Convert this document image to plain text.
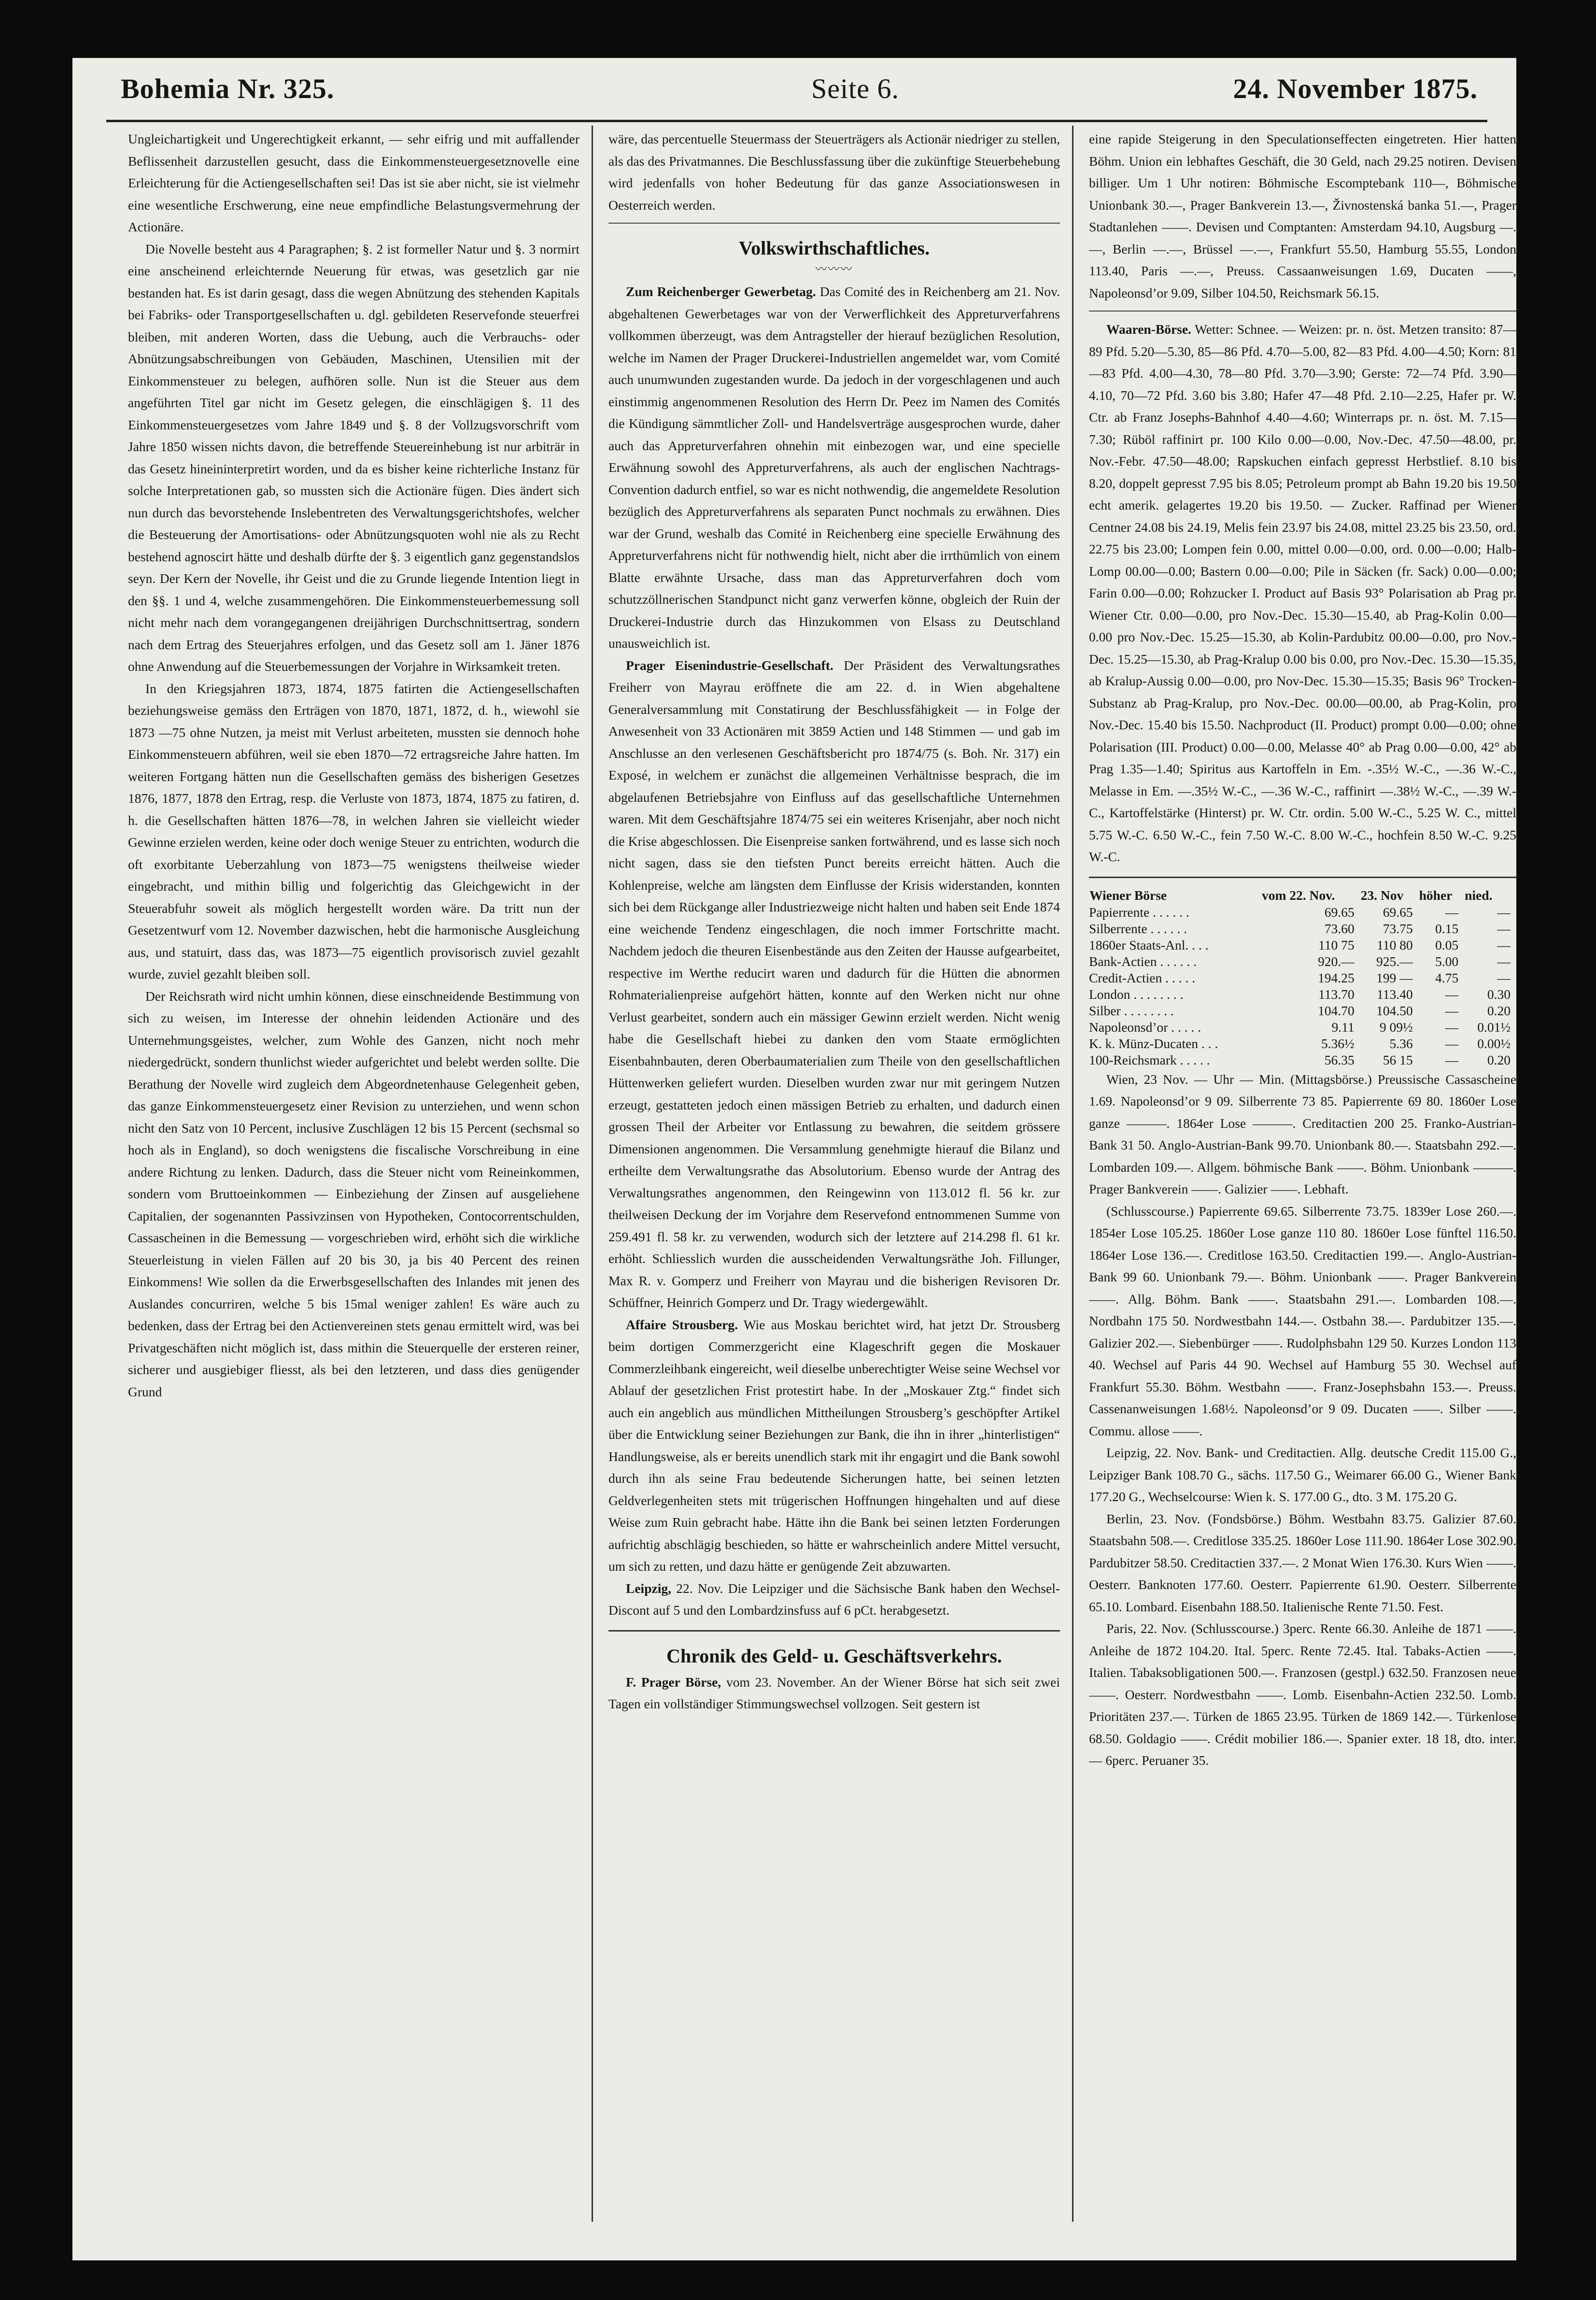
Bohemia Nr. 325.	Seite 6.	24. November 1875.

Ungleichartigkeit und Ungerechtigkeit erkannt, — sehr eifrig und mit auffallender Beflissenheit darzustellen gesucht, dass die Einkommensteuergesetznovelle eine Erleichterung für die Actiengesellschaften sei! Das ist sie aber nicht, sie ist vielmehr eine wesentliche Erschwerung, eine neue empfindliche Belastungsvermehrung der Actionäre.

Die Novelle besteht aus 4 Paragraphen; §. 2 ist formeller Natur und §. 3 normirt eine anscheinend erleichternde Neuerung für etwas, was gesetzlich gar nie bestanden hat. Es ist darin gesagt, dass die wegen Abnützung des stehenden Kapitals bei Fabriks- oder Transportgesellschaften u. dgl. gebildeten Reservefonde steuerfrei bleiben, mit anderen Worten, dass die Uebung, auch die Verbrauchs- oder Abnützungsabschreibungen von Gebäuden, Maschinen, Utensilien mit der Einkommensteuer zu belegen, aufhören solle. Nun ist die Steuer aus dem angeführten Titel gar nicht im Gesetz gelegen, die einschlägigen §. 11 des Einkommensteuergesetzes vom Jahre 1849 und §. 8 der Vollzugsvorschrift vom Jahre 1850 wissen nichts davon, die betreffende Steuereinhebung ist nur arbiträr in das Gesetz hineininterpretirt worden, und da es bisher keine richterliche Instanz für solche Interpretationen gab, so mussten sich die Actionäre fügen. Dies ändert sich nun durch das bevorstehende Inslebentreten des Verwaltungsgerichtshofes, welcher die Besteuerung der Amortisations- oder Abnützungsquoten wohl nie als zu Recht bestehend agnoscirt hätte und deshalb dürfte der §. 3 eigentlich ganz gegenstandslos seyn. Der Kern der Novelle, ihr Geist und die zu Grunde liegende Intention liegt in den §§. 1 und 4, welche zusammengehören. Die Einkommensteuerbemessung soll nicht mehr nach dem vorangegangenen dreijährigen Durchschnittsertrag, sondern nach dem Ertrag des Steuerjahres erfolgen, und das Gesetz soll am 1. Jäner 1876 ohne Anwendung auf die Steuerbemessungen der Vorjahre in Wirksamkeit treten.

In den Kriegsjahren 1873, 1874, 1875 fatirten die Actiengesellschaften beziehungsweise gemäss den Erträgen von 1870, 1871, 1872, d. h., wiewohl sie 1873 —75 ohne Nutzen, ja meist mit Verlust arbeiteten, mussten sie dennoch hohe Einkommensteuern abführen, weil sie eben 1870—72 ertragsreiche Jahre hatten. Im weiteren Fortgang hätten nun die Gesellschaften gemäss des bisherigen Gesetzes 1876, 1877, 1878 den Ertrag, resp. die Verluste von 1873, 1874, 1875 zu fatiren, d. h. die Gesellschaften hätten 1876—78, in welchen Jahren sie vielleicht wieder Gewinne erzielen werden, keine oder doch wenige Steuer zu entrichten, wodurch die oft exorbitante Ueberzahlung von 1873—75 wenigstens theilweise wieder eingebracht, und mithin billig und folgerichtig das Gleichgewicht in der Steuerabfuhr soweit als möglich hergestellt worden wäre. Da tritt nun der Gesetzentwurf vom 12. November dazwischen, hebt die harmonische Ausgleichung aus, und statuirt, dass das, was 1873—75 eigentlich provisorisch zuviel gezahlt wurde, zuviel gezahlt bleiben soll.

Der Reichsrath wird nicht umhin können, diese einschneidende Bestimmung von sich zu weisen, im Interesse der ohnehin leidenden Actionäre und des Unternehmungsgeistes, welcher, zum Wohle des Ganzen, nicht noch mehr niedergedrückt, sondern thunlichst wieder aufgerichtet und belebt werden sollte. Die Berathung der Novelle wird zugleich dem Abgeordnetenhause Gelegenheit geben, das ganze Einkommensteuergesetz einer Revision zu unterziehen, und wenn schon nicht den Satz von 10 Percent, inclusive Zuschlägen 12 bis 15 Percent (sechsmal so hoch als in England), so doch wenigstens die fiscalische Vorschreibung in eine andere Richtung zu lenken. Dadurch, dass die Steuer nicht vom Reineinkommen, sondern vom Bruttoeinkommen — Einbeziehung der Zinsen auf ausgeliehene Capitalien, der sogenannten Passivzinsen von Hypotheken, Contocorrentschulden, Cassascheinen in die Bemessung — vorgeschrieben wird, erhöht sich die wirkliche Steuerleistung in vielen Fällen auf 20 bis 30, ja bis 40 Percent des reinen Einkommens! Wie sollen da die Erwerbsgesellschaften des Inlandes mit jenen des Auslandes concurriren, welche 5 bis 15mal weniger zahlen! Es wäre auch zu bedenken, dass der Ertrag bei den Actienvereinen stets genau ermittelt wird, was bei Privatgeschäften nicht möglich ist, dass mithin die Steuerquelle der ersteren reiner, sicherer und ausgiebiger fliesst, als bei den letzteren, und dass dies genügender Grund

wäre, das percentuelle Steuermass der Steuerträgers als Actionär niedriger zu stellen, als das des Privatmannes. Die Beschlussfassung über die zukünftige Steuerbehebung wird jedenfalls von hoher Bedeutung für das ganze Associationswesen in Oesterreich werden.

Volkswirthschaftliches.
〰〰〰

Zum Reichenberger Gewerbetag. Das Comité des in Reichenberg am 21. Nov. abgehaltenen Gewerbetages war von der Verwerflichkeit des Appreturverfahrens vollkommen überzeugt, was dem Antragsteller der hierauf bezüglichen Resolution, welche im Namen der Prager Druckerei-Industriellen angemeldet war, vom Comité auch unumwunden zugestanden wurde. Da jedoch in der vorgeschlagenen und auch einstimmig angenommenen Resolution des Herrn Dr. Peez im Namen des Comités die Kündigung sämmtlicher Zoll- und Handelsverträge ausgesprochen wurde, daher auch das Appreturverfahren ohnehin mit einbezogen war, und eine specielle Erwähnung sowohl des Appreturverfahrens, als auch der englischen Nachtrags-Convention dadurch entfiel, so war es nicht nothwendig, die angemeldete Resolution bezüglich des Appreturverfahrens als separaten Punct nochmals zu erwähnen. Dies war der Grund, weshalb das Comité in Reichenberg eine specielle Erwähnung des Appreturverfahrens nicht für nothwendig hielt, nicht aber die irrthümlich von einem Blatte erwähnte Ursache, dass man das Appreturverfahren doch vom schutzzöllnerischen Standpunct nicht ganz verwerfen könne, obgleich der Ruin der Druckerei-Industrie durch das Hinzukommen von Elsass zu Deutschland unausweichlich ist.

Prager Eisenindustrie-Gesellschaft. Der Präsident des Verwaltungsrathes Freiherr von Mayrau eröffnete die am 22. d. in Wien abgehaltene Generalversammlung mit Constatirung der Beschlussfähigkeit — in Folge der Anwesenheit von 33 Actionären mit 3859 Actien und 148 Stimmen — und gab im Anschlusse an den verlesenen Geschäftsbericht pro 1874/75 (s. Boh. Nr. 317) ein Exposé, in welchem er zunächst die allgemeinen Verhältnisse besprach, die im abgelaufenen Betriebsjahre von Einfluss auf das gesellschaftliche Unternehmen waren. Mit dem Geschäftsjahre 1874/75 sei ein weiteres Krisenjahr, aber noch nicht die Krise abgeschlossen. Die Eisenpreise sanken fortwährend, und es lasse sich noch nicht sagen, dass sie den tiefsten Punct bereits erreicht hätten. Auch die Kohlenpreise, welche am längsten dem Einflusse der Krisis widerstanden, konnten sich bei dem Rückgange aller Industriezweige nicht halten und haben seit Ende 1874 eine weichende Tendenz eingeschlagen, die noch immer Fortschritte macht. Nachdem jedoch die theuren Eisenbestände aus den Zeiten der Hausse aufgearbeitet, respective im Werthe reducirt waren und dadurch für die Hütten die abnormen Rohmaterialienpreise aufgehört hätten, konnte auf den Werken nicht nur ohne Verlust gearbeitet, sondern auch ein mässiger Gewinn erzielt werden. Nicht wenig habe die Gesellschaft hiebei zu danken den vom Staate ermöglichten Eisenbahnbauten, deren Oberbaumaterialien zum Theile von den gesellschaftlichen Hüttenwerken geliefert wurden. Dieselben wurden zwar nur mit geringem Nutzen erzeugt, gestatteten jedoch einen mässigen Betrieb zu erhalten, und dadurch einen grossen Theil der Arbeiter vor Entlassung zu bewahren, die seitdem grössere Dimensionen angenommen. Die Versammlung genehmigte hierauf die Bilanz und ertheilte dem Verwaltungsrathe das Absolutorium. Ebenso wurde der Antrag des Verwaltungsrathes angenommen, den Reingewinn von 113.012 fl. 56 kr. zur theilweisen Deckung der im Vorjahre dem Reservefond entnommenen Summe von 259.491 fl. 58 kr. zu verwenden, wodurch sich der letztere auf 214.298 fl. 61 kr. erhöht. Schliesslich wurden die ausscheidenden Verwaltungsräthe Joh. Fillunger, Max R. v. Gomperz und Freiherr von Mayrau und die bisherigen Revisoren Dr. Schüffner, Heinrich Gomperz und Dr. Tragy wiedergewählt.

Affaire Strousberg. Wie aus Moskau berichtet wird, hat jetzt Dr. Strousberg beim dortigen Commerzgericht eine Klageschrift gegen die Moskauer Commerzleihbank eingereicht, weil dieselbe unberechtigter Weise seine Wechsel vor Ablauf der gesetzlichen Frist protestirt habe. In der „Moskauer Ztg.“ findet sich auch ein angeblich aus mündlichen Mittheilungen Strousberg’s geschöpfter Artikel über die Entwicklung seiner Beziehungen zur Bank, die ihn in ihrer „hinterlistigen“ Handlungsweise, als er bereits unendlich stark mit ihr engagirt und die Bank sowohl durch ihn als seine Frau bedeutende Sicherungen hatte, bei seinen letzten Geldverlegenheiten stets mit trügerischen Hoffnungen hingehalten und auf diese Weise zum Ruin gebracht habe. Hätte ihn die Bank bei seinen letzten Forderungen aufrichtig abschlägig beschieden, so hätte er wahrscheinlich andere Mittel versucht, um sich zu retten, und dazu hätte er genügende Zeit abzuwarten.

Leipzig, 22. Nov. Die Leipziger und die Sächsische Bank haben den Wechsel-Discont auf 5 und den Lombardzinsfuss auf 6 pCt. herabgesetzt.

Chronik des Geld- u. Geschäftsverkehrs.

F. Prager Börse, vom 23. November. An der Wiener Börse hat sich seit zwei Tagen ein vollständiger Stimmungswechsel vollzogen. Seit gestern ist

eine rapide Steigerung in den Speculationseffecten eingetreten. Hier hatten Böhm. Union ein lebhaftes Geschäft, die 30 Geld, nach 29.25 notiren. Devisen billiger. Um 1 Uhr notiren: Böhmische Escomptebank 110—, Böhmische Unionbank 30.—, Prager Bankverein 13.—, Živnostenská banka 51.—, Prager Stadtanlehen ——. Devisen und Comptanten: Amsterdam 94.10, Augsburg —.—, Berlin —.—, Brüssel —.—, Frankfurt 55.50, Hamburg 55.55, London 113.40, Paris —.—, Preuss. Cassaanweisungen 1.69, Ducaten ——, Napoleonsd’or 9.09, Silber 104.50, Reichsmark 56.15.

Waaren-Börse. Wetter: Schnee. — Weizen: pr. n. öst. Metzen transito: 87—89 Pfd. 5.20—5.30, 85—86 Pfd. 4.70—5.00, 82—83 Pfd. 4.00—4.50; Korn: 81—83 Pfd. 4.00—4.30, 78—80 Pfd. 3.70—3.90; Gerste: 72—74 Pfd. 3.90—4.10, 70—72 Pfd. 3.60 bis 3.80; Hafer 47—48 Pfd. 2.10—2.25, Hafer pr. W. Ctr. ab Franz Josephs-Bahnhof 4.40—4.60; Winterraps pr. n. öst. M. 7.15—7.30; Rüböl raffinirt pr. 100 Kilo 0.00—0.00, Nov.-Dec. 47.50—48.00, pr. Nov.-Febr. 47.50—48.00; Rapskuchen einfach gepresst Herbstlief. 8.10 bis 8.20, doppelt gepresst 7.95 bis 8.05; Petroleum prompt ab Bahn 19.20 bis 19.50 echt amerik. gelagertes 19.20 bis 19.50. — Zucker. Raffinad per Wiener Centner 24.08 bis 24.19, Melis fein 23.97 bis 24.08, mittel 23.25 bis 23.50, ord. 22.75 bis 23.00; Lompen fein 0.00, mittel 0.00—0.00, ord. 0.00—0.00; Halb-Lomp 00.00—0.00; Bastern 0.00—0.00; Pile in Säcken (fr. Sack) 0.00—0.00; Farin 0.00—0.00; Rohzucker I. Product auf Basis 93° Polarisation ab Prag pr. Wiener Ctr. 0.00—0.00, pro Nov.-Dec. 15.30—15.40, ab Prag-Kolin 0.00—0.00 pro Nov.-Dec. 15.25—15.30, ab Kolin-Pardubitz 00.00—0.00, pro Nov.-Dec. 15.25—15.30, ab Prag-Kralup 0.00 bis 0.00, pro Nov.-Dec. 15.30—15.35, ab Kralup-Aussig 0.00—0.00, pro Nov-Dec. 15.30—15.35; Basis 96° Trocken-Substanz ab Prag-Kralup, pro Nov.-Dec. 00.00—00.00, ab Prag-Kolin, pro Nov.-Dec. 15.40 bis 15.50. Nachproduct (II. Product) prompt 0.00—0.00; ohne Polarisation (III. Product) 0.00—0.00, Melasse 40° ab Prag 0.00—0.00, 42° ab Prag 1.35—1.40; Spiritus aus Kartoffeln in Em. -.35½ W.-C., —.36 W.-C., Melasse in Em. —.35½ W.-C., —.36 W.-C., raffinirt —.38½ W.-C., —.39 W.-C., Kartoffelstärke (Hinterst) pr. W. Ctr. ordin. 5.00 W.-C., 5.25 W. C., mittel 5.75 W.-C. 6.50 W.-C., fein 7.50 W.-C. 8.00 W.-C., hochfein 8.50 W.-C. 9.25 W.-C.

Wiener Börse	vom 22. Nov.	23. Nov	höher	nied.
Papierrente . . . . . .	69.65	69.65	—	—
Silberrente . . . . . .	73.60	73.75	0.15	—
1860er Staats-Anl. . . .	110 75	110 80	0.05	—
Bank-Actien . . . . . .	920.—	925.—	5.00	—
Credit-Actien . . . . .	194.25	199 —	4.75	—
London . . . . . . . .	113.70	113.40	—	0.30
Silber . . . . . . . .	104.70	104.50	—	0.20
Napoleonsd’or . . . . .	9.11	9 09½	—	0.01½
K. k. Münz-Ducaten . . .	5.36½	5.36	—	0.00½
100-Reichsmark . . . . .	56.35	56 15	—	0.20

Wien, 23 Nov. — Uhr — Min. (Mittagsbörse.) Preussische Cassascheine 1.69. Napoleonsd’or 9 09. Silberrente 73 85. Papierrente 69 80. 1860er Lose ganze ———. 1864er Lose ———. Creditactien 200 25. Franko-Austrian-Bank 31 50. Anglo-Austrian-Bank 99.70. Unionbank 80.—. Staatsbahn 292.—. Lombarden 109.—. Allgem. böhmische Bank ——. Böhm. Unionbank ———. Prager Bankverein ——. Galizier ——. Lebhaft.

(Schlusscourse.) Papierrente 69.65. Silberrente 73.75. 1839er Lose 260.—. 1854er Lose 105.25. 1860er Lose ganze 110 80. 1860er Lose fünftel 116.50. 1864er Lose 136.—. Creditlose 163.50. Creditactien 199.—. Anglo-Austrian-Bank 99 60. Unionbank 79.—. Böhm. Unionbank ——. Prager Bankverein ——. Allg. Böhm. Bank ——. Staatsbahn 291.—. Lombarden 108.—. Nordbahn 175 50. Nordwestbahn 144.—. Ostbahn 38.—. Pardubitzer 135.—. Galizier 202.—. Siebenbürger ——. Rudolphsbahn 129 50. Kurzes London 113 40. Wechsel auf Paris 44 90. Wechsel auf Hamburg 55 30. Wechsel auf Frankfurt 55.30. Böhm. Westbahn ——. Franz-Josephsbahn 153.—. Preuss. Cassenanweisungen 1.68½. Napoleonsd’or 9 09. Ducaten ——. Silber ——. Commu. allose ——.

Leipzig, 22. Nov. Bank- und Creditactien. Allg. deutsche Credit 115.00 G., Leipziger Bank 108.70 G., sächs. 117.50 G., Weimarer 66.00 G., Wiener Bank 177.20 G., Wechselcourse: Wien k. S. 177.00 G., dto. 3 M. 175.20 G.

Berlin, 23. Nov. (Fondsbörse.) Böhm. Westbahn 83.75. Galizier 87.60. Staatsbahn 508.—. Creditlose 335.25. 1860er Lose 111.90. 1864er Lose 302.90. Pardubitzer 58.50. Creditactien 337.—. 2 Monat Wien 176.30. Kurs Wien ——. Oesterr. Banknoten 177.60. Oesterr. Papierrente 61.90. Oesterr. Silberrente 65.10. Lombard. Eisenbahn 188.50. Italienische Rente 71.50. Fest.

Paris, 22. Nov. (Schlusscourse.) 3perc. Rente 66.30. Anleihe de 1871 ——. Anleihe de 1872 104.20. Ital. 5perc. Rente 72.45. Ital. Tabaks-Actien ——. Italien. Tabaksobligationen 500.—. Franzosen (gestpl.) 632.50. Franzosen neue ——. Oesterr. Nordwestbahn ——. Lomb. Eisenbahn-Actien 232.50. Lomb. Prioritäten 237.—. Türken de 1865 23.95. Türken de 1869 142.—. Türkenlose 68.50. Goldagio ——. Crédit mobilier 186.—. Spanier exter. 18 18, dto. inter. — 6perc. Peruaner 35.
